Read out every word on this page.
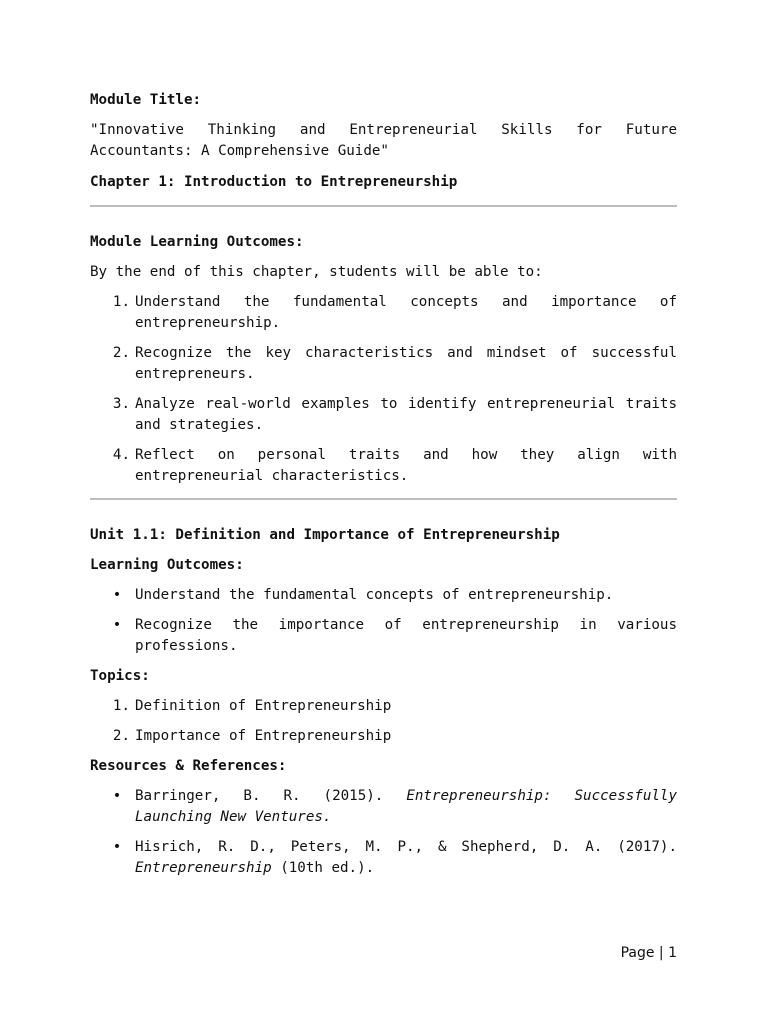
Module Title:

"Innovative Thinking and Entrepreneurial Skills for Future Accountants: A Comprehensive Guide"

Chapter 1: Introduction to Entrepreneurship

Module Learning Outcomes:

By the end of this chapter, students will be able to:

1. Understand the fundamental concepts and importance of entrepreneurship.
2. Recognize the key characteristics and mindset of successful entrepreneurs.
3. Analyze real-world examples to identify entrepreneurial traits and strategies.
4. Reflect on personal traits and how they align with entrepreneurial characteristics.

Unit 1.1: Definition and Importance of Entrepreneurship

Learning Outcomes:

• Understand the fundamental concepts of entrepreneurship.
• Recognize the importance of entrepreneurship in various professions.

Topics:

1. Definition of Entrepreneurship
2. Importance of Entrepreneurship

Resources & References:

• Barringer, B. R. (2015). Entrepreneurship: Successfully Launching New Ventures.
• Hisrich, R. D., Peters, M. P., & Shepherd, D. A. (2017). Entrepreneurship (10th ed.).
Page | 1
